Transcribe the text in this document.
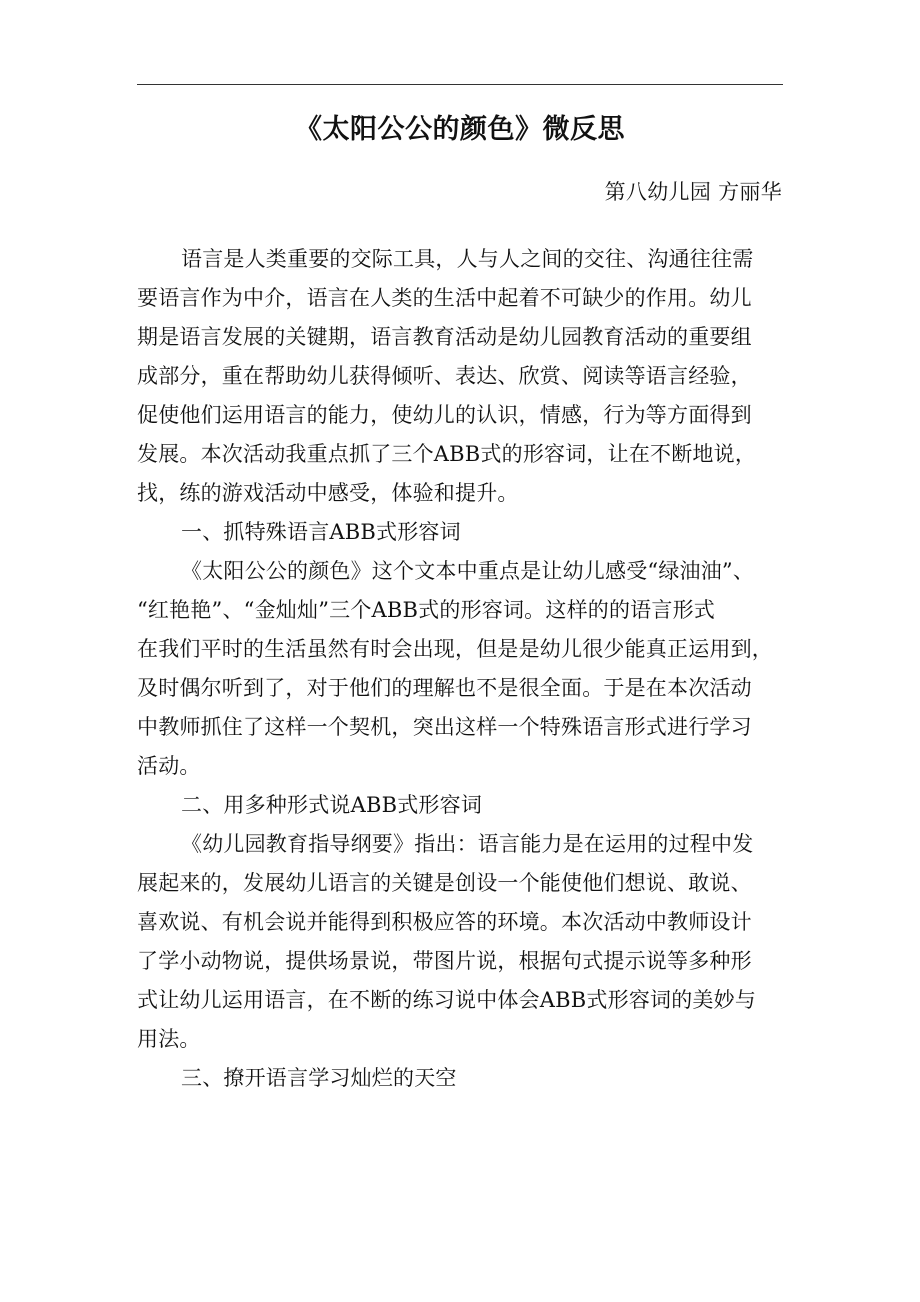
《太阳公公的颜色》微反思
第八幼儿园 方丽华
语言是人类重要的交际工具，人与人之间的交往、沟通往往需
要语言作为中介，语言在人类的生活中起着不可缺少的作用。幼儿
期是语言发展的关键期，语言教育活动是幼儿园教育活动的重要组
成部分，重在帮助幼儿获得倾听、表达、欣赏、阅读等语言经验，
促使他们运用语言的能力，使幼儿的认识，情感，行为等方面得到
发展。本次活动我重点抓了三个ABB式的形容词，让在不断地说，
找，练的游戏活动中感受，体验和提升。
一、抓特殊语言ABB式形容词
《太阳公公的颜色》这个文本中重点是让幼儿感受“绿油油”、
“红艳艳”、“金灿灿”三个ABB式的形容词。这样的的语言形式
在我们平时的生活虽然有时会出现，但是是幼儿很少能真正运用到，
及时偶尔听到了，对于他们的理解也不是很全面。于是在本次活动
中教师抓住了这样一个契机，突出这样一个特殊语言形式进行学习
活动。
二、用多种形式说ABB式形容词
《幼儿园教育指导纲要》指出：语言能力是在运用的过程中发
展起来的，发展幼儿语言的关键是创设一个能使他们想说、敢说、
喜欢说、有机会说并能得到积极应答的环境。本次活动中教师设计
了学小动物说，提供场景说，带图片说，根据句式提示说等多种形
式让幼儿运用语言，在不断的练习说中体会ABB式形容词的美妙与
用法。
三、撩开语言学习灿烂的天空
